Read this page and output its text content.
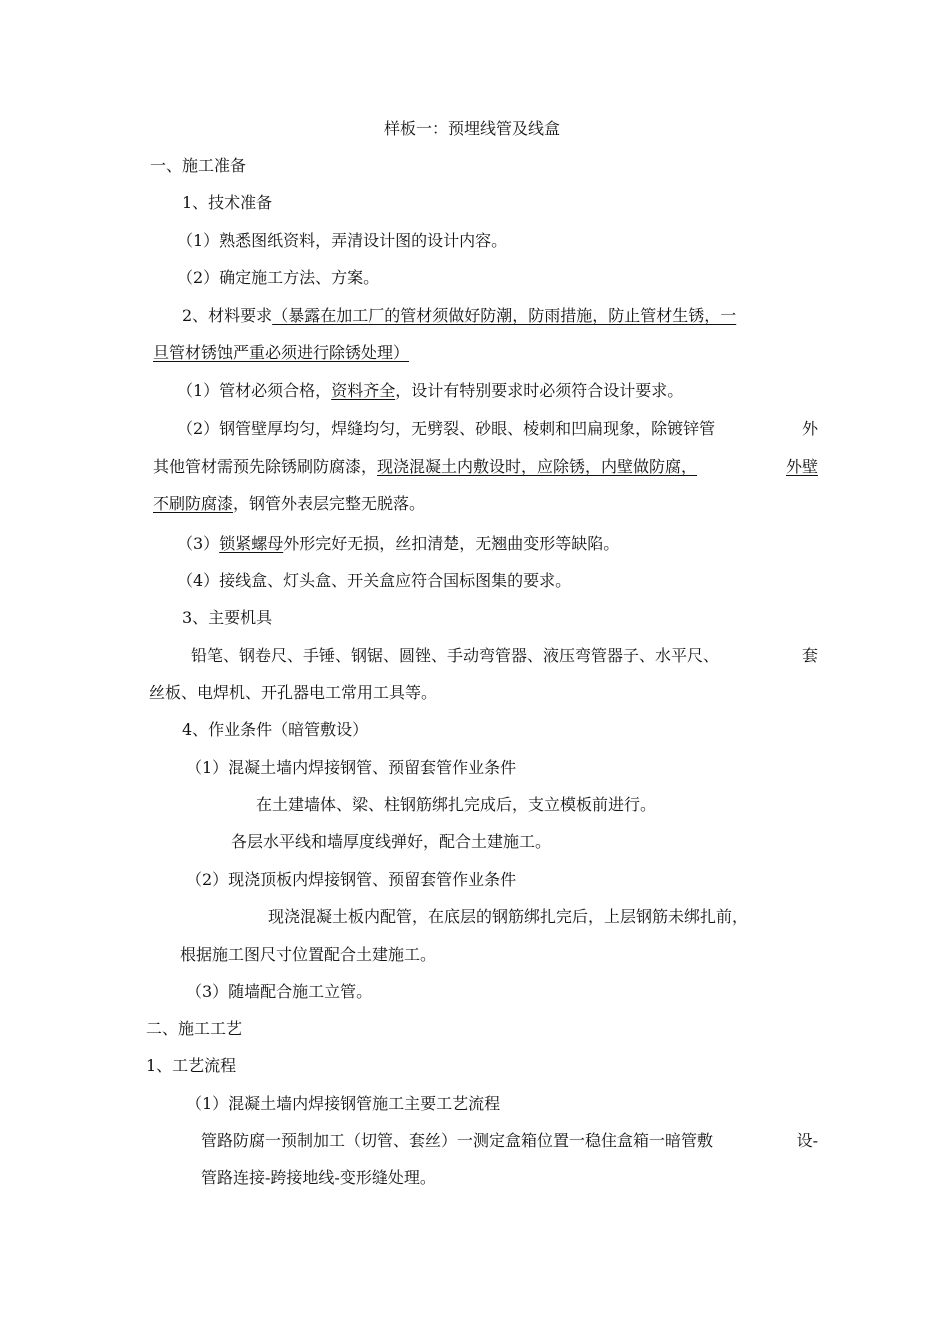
样板一：预埋线管及线盒
一、施工准备
1、技术准备
（1）熟悉图纸资料，弄清设计图的设计内容。
（2）确定施工方法、方案。
2、材料要求（暴露在加工厂的管材须做好防潮，防雨措施，防止管材生锈，一
旦管材锈蚀严重必须进行除锈处理）
（1）管材必须合格，资料齐全，设计有特别要求时必须符合设计要求。
（2）钢管壁厚均匀，焊缝均匀，无劈裂、砂眼、棱刺和凹扁现象，除镀锌管	外
其他管材需预先除锈刷防腐漆，现浇混凝土内敷设时，应除锈，内壁做防腐，	外壁
不刷防腐漆，钢管外表层完整无脱落。
（3）锁紧螺母外形完好无损，丝扣清楚，无翘曲变形等缺陷。
（4）接线盒、灯头盒、开关盒应符合国标图集的要求。
3、主要机具
铅笔、钢卷尺、手锤、钢锯、圆锉、手动弯管器、液压弯管器子、水平尺、	套
丝板、电焊机、开孔器电工常用工具等。
4、作业条件（暗管敷设）
（1）混凝土墙内焊接钢管、预留套管作业条件
在土建墙体、梁、柱钢筋绑扎完成后，支立模板前进行。
各层水平线和墙厚度线弹好，配合土建施工。
（2）现浇顶板内焊接钢管、预留套管作业条件
现浇混凝土板内配管，在底层的钢筋绑扎完后，上层钢筋未绑扎前，
根据施工图尺寸位置配合土建施工。
（3）随墙配合施工立管。
二、施工工艺
1、工艺流程
（1）混凝土墙内焊接钢管施工主要工艺流程
管路防腐一预制加工（切管、套丝）一测定盒箱位置一稳住盒箱一暗管敷	设-
管路连接-跨接地线-变形缝处理。
